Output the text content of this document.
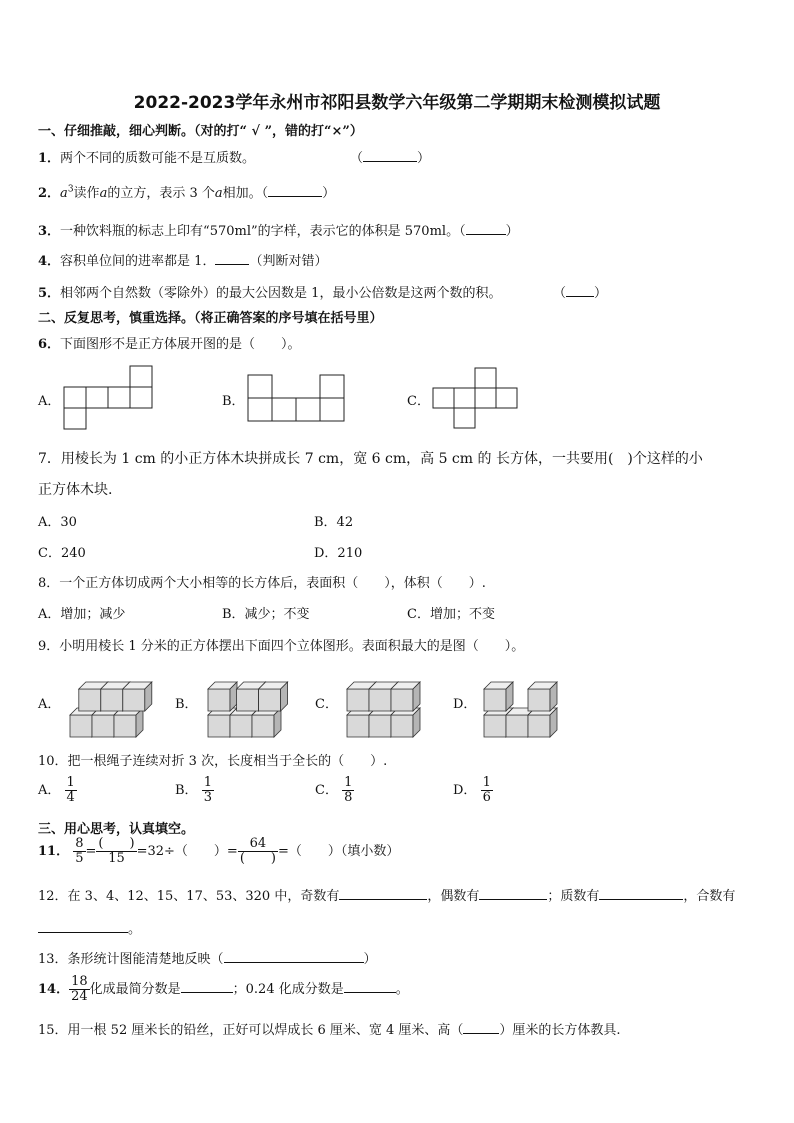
2022-2023学年永州市祁阳县数学六年级第二学期期末检测模拟试题
一、仔细推敲，细心判断。（对的打“ √ ”，错的打“×”）
1．两个不同的质数可能不是互质数。	（	）
2．$a^3$读作a的立方，表示 3 个a相加。（	）
3．一种饮料瓶的标志上印有“570ml”的字样，表示它的体积是 570ml。（	）
4．容积单位间的进率都是 1．	（判断对错）
5．相邻两个自然数（零除外）的最大公因数是 1，最小公倍数是这两个数的积。	（ ）
二、反复思考，慎重选择。（将正确答案的序号填在括号里）
6．下面图形不是正方体展开图的是（　　）。
A．	B．	C．
7．用棱长为 1 cm 的小正方体木块拼成长 7 cm，宽 6 cm，高 5 cm 的 长方体，一共要用(　)个这样的小
正方体木块.
A．30	B．42
C．240	D．210
8．一个正方体切成两个大小相等的长方体后，表面积（　　），体积（　　）.
A．增加；减少	B．减少；不变	C．增加；不变
9．小明用棱长 1 分米的正方体摆出下面四个立体图形。表面积最大的是图（　　）。
A．	B．	C．	D．
10．把一根绳子连续对折 3 次，长度相当于全长的（　　）.
A． $\frac{1}{4}$	B． $\frac{1}{3}$	C． $\frac{1}{8}$	D． $\frac{1}{6}$
三、用心思考，认真填空。
11． $\frac{8}{5} = \frac{( )}{15} =32\div$（　　）= $\frac{64}{( )}$ =（　　）（填小数）
12．在 3、4、12、15、17、53、320 中，奇数有	，偶数有	；质数有	，合数有
。
13．条形统计图能清楚地反映（	）
14． $\frac{18}{24}$ 化成最简分数是	；0.24 化成分数是	。
15．用一根 52 厘米长的铅丝，正好可以焊成长 6 厘米、宽 4 厘米、高（	）厘米的长方体教具.
